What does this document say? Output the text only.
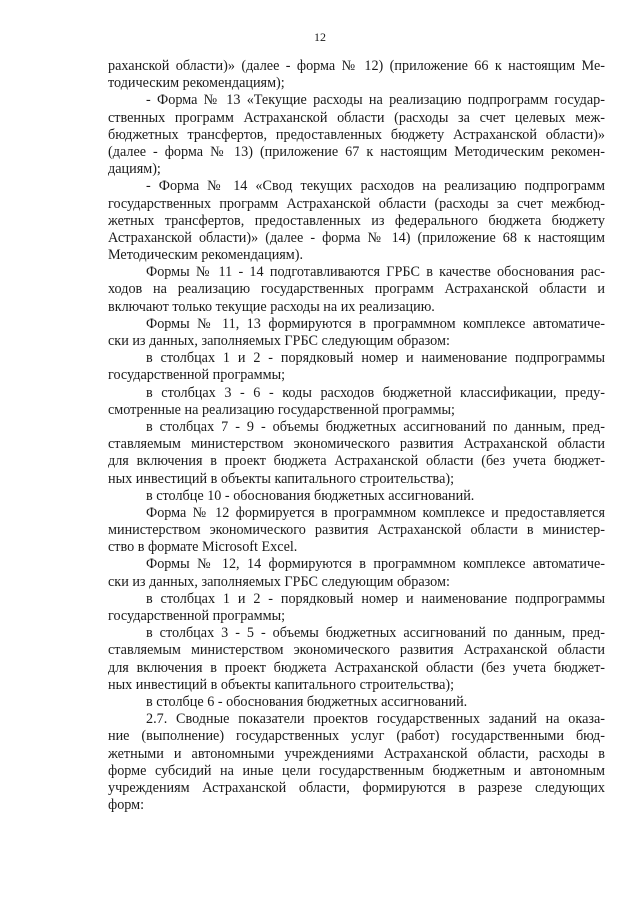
12
раханской области)» (далее - форма № 12) (приложение 66 к настоящим Ме-
тодическим рекомендациям);
- Форма № 13 «Текущие расходы на реализацию подпрограмм государ-
ственных программ Астраханской области (расходы за счет целевых меж-
бюджетных трансфертов, предоставленных бюджету Астраханской области)»
(далее - форма № 13) (приложение 67 к настоящим Методическим рекомен-
дациям);
- Форма № 14 «Свод текущих расходов на реализацию подпрограмм
государственных программ Астраханской области (расходы за счет межбюд-
жетных трансфертов, предоставленных из федерального бюджета бюджету
Астраханской области)» (далее - форма № 14) (приложение 68 к настоящим
Методическим рекомендациям).
Формы № 11 - 14 подготавливаются ГРБС в качестве обоснования рас-
ходов на реализацию государственных программ Астраханской области и
включают только текущие расходы на их реализацию.
Формы № 11, 13 формируются в программном комплексе автоматиче-
ски из данных, заполняемых ГРБС следующим образом:
в столбцах 1 и 2 - порядковый номер и наименование подпрограммы
государственной программы;
в столбцах 3 - 6 - коды расходов бюджетной классификации, преду-
смотренные на реализацию государственной программы;
в столбцах 7 - 9 - объемы бюджетных ассигнований по данным, пред-
ставляемым министерством экономического развития Астраханской области
для включения в проект бюджета Астраханской области (без учета бюджет-
ных инвестиций в объекты капитального строительства);
в столбце 10 - обоснования бюджетных ассигнований.
Форма № 12 формируется в программном комплексе и предоставляется
министерством экономического развития Астраханской области в министер-
ство в формате Microsoft Excel.
Формы № 12, 14 формируются в программном комплексе автоматиче-
ски из данных, заполняемых ГРБС следующим образом:
в столбцах 1 и 2 - порядковый номер и наименование подпрограммы
государственной программы;
в столбцах 3 - 5 - объемы бюджетных ассигнований по данным, пред-
ставляемым министерством экономического развития Астраханской области
для включения в проект бюджета Астраханской области (без учета бюджет-
ных инвестиций в объекты капитального строительства);
в столбце 6 - обоснования бюджетных ассигнований.
2.7. Сводные показатели проектов государственных заданий на оказа-
ние (выполнение) государственных услуг (работ) государственными бюд-
жетными и автономными учреждениями Астраханской области, расходы в
форме субсидий на иные цели государственным бюджетным и автономным
учреждениям Астраханской области, формируются в разрезе следующих
форм:
